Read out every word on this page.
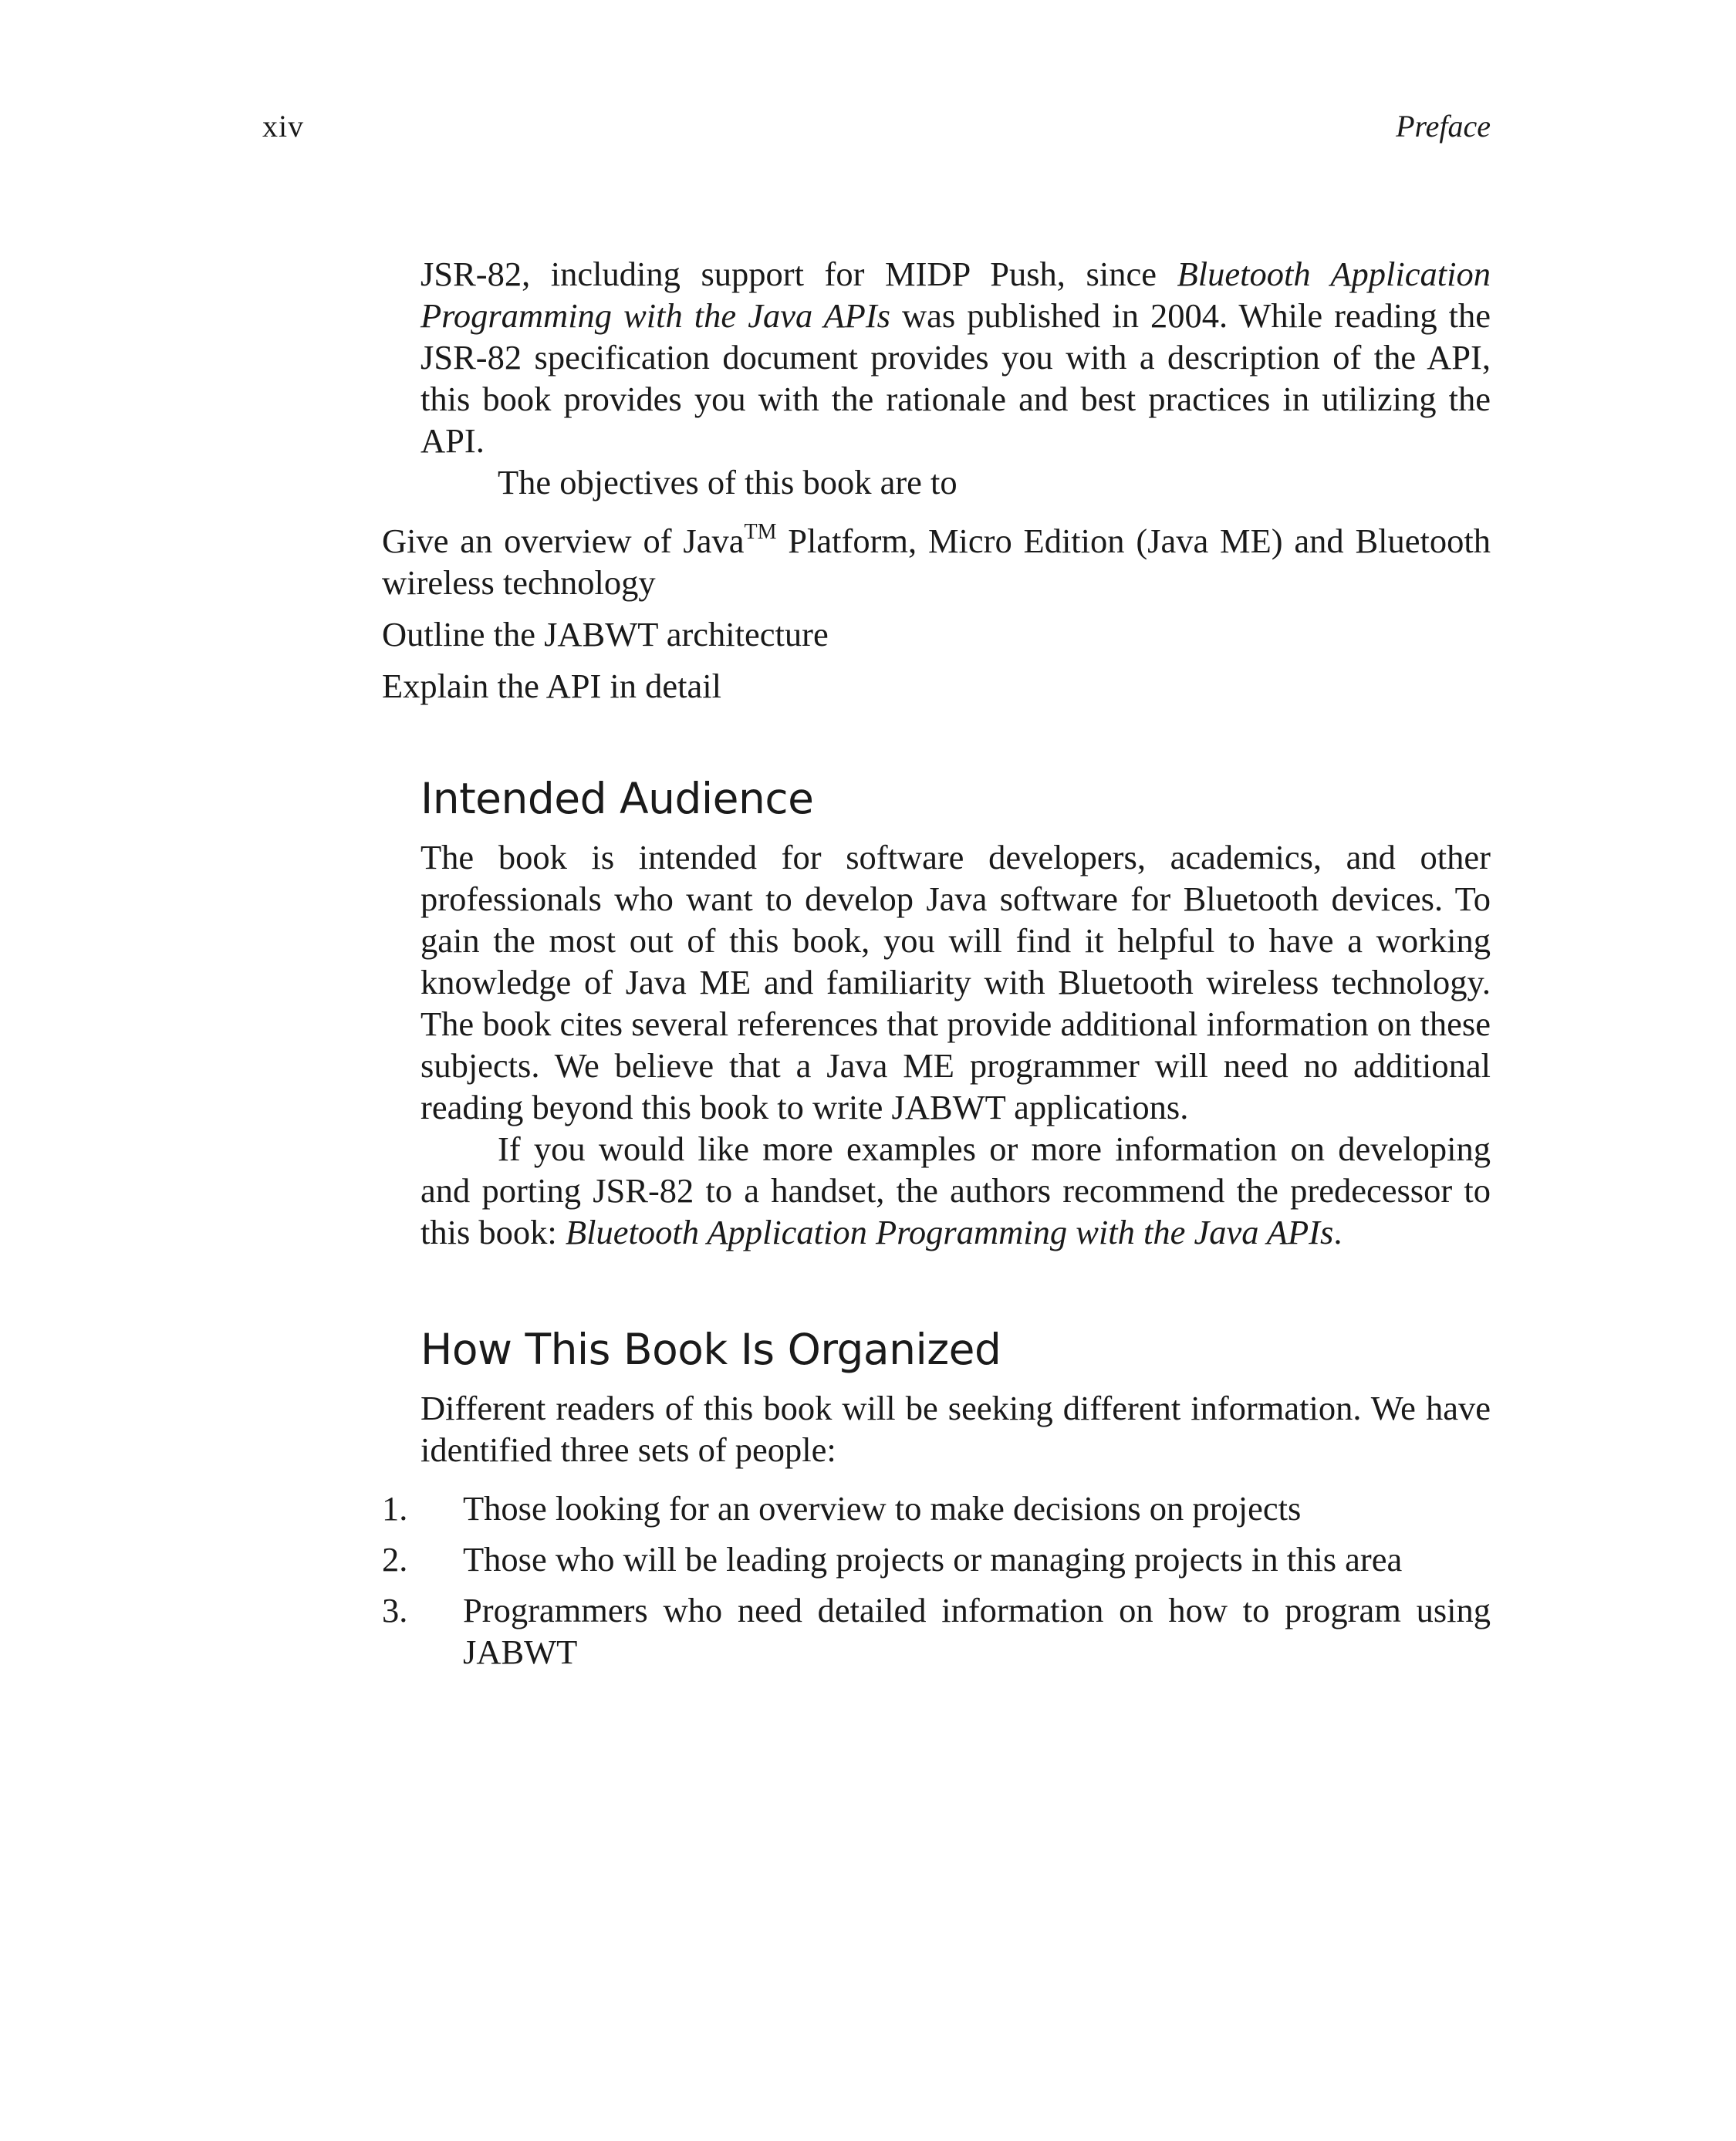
xiv	Preface

JSR-82, including support for MIDP Push, since Bluetooth Application Programming with the Java APIs was published in 2004. While reading the JSR-82 specification document provides you with a description of the API, this book provides you with the rationale and best practices in utilizing the API.

The objectives of this book are to

Give an overview of Java™ Platform, Micro Edition (Java ME) and Bluetooth wireless technology
Outline the JABWT architecture
Explain the API in detail
Intended Audience

The book is intended for software developers, academics, and other professionals who want to develop Java software for Bluetooth devices. To gain the most out of this book, you will find it helpful to have a working knowledge of Java ME and familiarity with Bluetooth wireless technology. The book cites several references that provide additional information on these subjects. We believe that a Java ME programmer will need no additional reading beyond this book to write JABWT applications.

If you would like more examples or more information on developing and porting JSR-82 to a handset, the authors recommend the predecessor to this book: Bluetooth Application Programming with the Java APIs.

How This Book Is Organized

Different readers of this book will be seeking different information. We have identified three sets of people:

1.	Those looking for an overview to make decisions on projects
2.	Those who will be leading projects or managing projects in this area
3.	Programmers who need detailed information on how to program using JABWT
